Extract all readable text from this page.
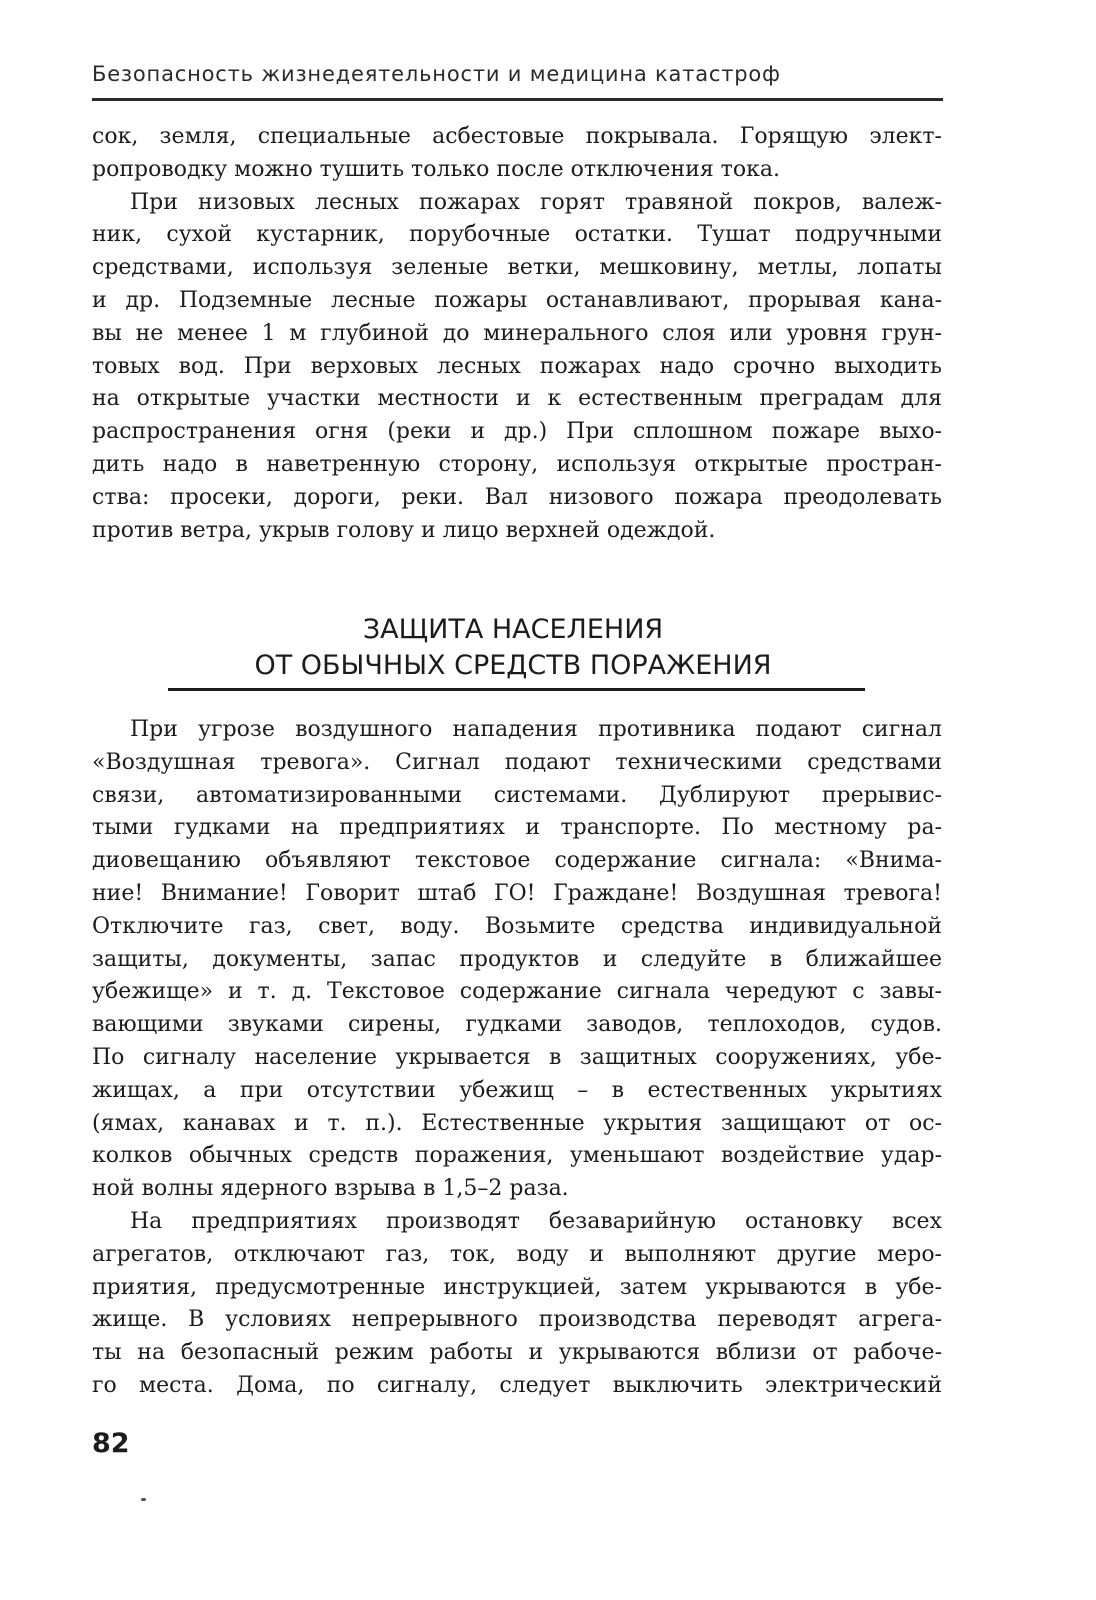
Безопасность жизнедеятельности и медицина катастроф
сок, земля, специальные асбестовые покрывала. Горящую элект-
ропроводку можно тушить только после отключения тока.
При низовых лесных пожарах горят травяной покров, валеж-
ник, сухой кустарник, порубочные остатки. Тушат подручными
средствами, используя зеленые ветки, мешковину, метлы, лопаты
и др. Подземные лесные пожары останавливают, прорывая кана-
вы не менее 1 м глубиной до минерального слоя или уровня грун-
товых вод. При верховых лесных пожарах надо срочно выходить
на открытые участки местности и к естественным преградам для
распространения огня (реки и др.) При сплошном пожаре выхо-
дить надо в наветренную сторону, используя открытые простран-
ства: просеки, дороги, реки. Вал низового пожара преодолевать
против ветра, укрыв голову и лицо верхней одеждой.
ЗАЩИТА НАСЕЛЕНИЯ
ОТ ОБЫЧНЫХ СРЕДСТВ ПОРАЖЕНИЯ
При угрозе воздушного нападения противника подают сигнал
«Воздушная тревога». Сигнал подают техническими средствами
связи, автоматизированными системами. Дублируют прерывис-
тыми гудками на предприятиях и транспорте. По местному ра-
диовещанию объявляют текстовое содержание сигнала: «Внима-
ние! Внимание! Говорит штаб ГО! Граждане! Воздушная тревога!
Отключите газ, свет, воду. Возьмите средства индивидуальной
защиты, документы, запас продуктов и следуйте в ближайшее
убежище» и т. д. Текстовое содержание сигнала чередуют с завы-
вающими звуками сирены, гудками заводов, теплоходов, судов.
По сигналу население укрывается в защитных сооружениях, убе-
жищах, а при отсутствии убежищ – в естественных укрытиях
(ямах, канавах и т. п.). Естественные укрытия защищают от ос-
колков обычных средств поражения, уменьшают воздействие удар-
ной волны ядерного взрыва в 1,5–2 раза.
На предприятиях производят безаварийную остановку всех
агрегатов, отключают газ, ток, воду и выполняют другие меро-
приятия, предусмотренные инструкцией, затем укрываются в убе-
жище. В условиях непрерывного производства переводят агрега-
ты на безопасный режим работы и укрываются вблизи от рабоче-
го места. Дома, по сигналу, следует выключить электрический
82
